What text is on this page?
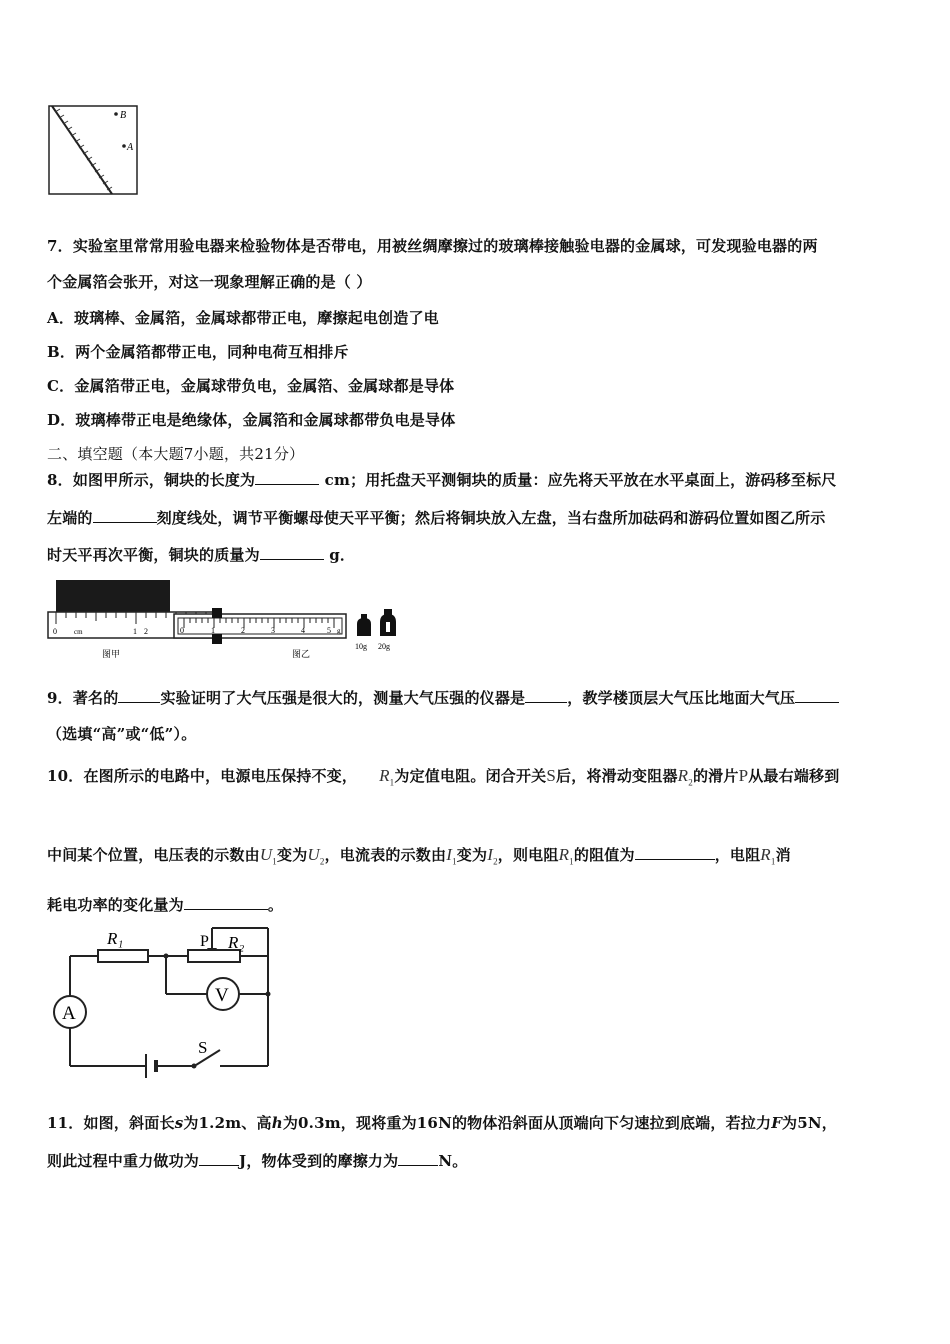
B
A
7．实验室里常常用验电器来检验物体是否带电，用被丝绸摩擦过的玻璃棒接触验电器的金属球，可发现验电器的两
个金属箔会张开，对这一现象理解正确的是（ ）
A．玻璃棒、金属箔，金属球都带正电，摩擦起电创造了电
B．两个金属箔都带正电，同种电荷互相排斥
C．金属箔带正电，金属球带负电，金属箔、金属球都是导体
D．玻璃棒带正电是绝缘体，金属箔和金属球都带负电是导体
二、填空题（本大题7小题，共21分）
8．如图甲所示，铜块的长度为	cm；用托盘天平测铜块的质量：应先将天平放在水平桌面上，游码移至标尺
左端的	刻度线处，调节平衡螺母使天平平衡；然后将铜块放入左盘，当右盘所加砝码和游码位置如图乙所示
时天平再次平衡，铜块的质量为	g．
0 cm	1 2
图甲
0	1	2	3	4	5 g
图乙
10g 20g
9．著名的	实验证明了大气压强是很大的，测量大气压强的仪器是	，教学楼顶层大气压比地面大气压
（选填“高”或“低”）。
10．在图所示的电路中，电源电压保持不变， $R_1$为定值电阻。闭合开关S后，将滑动变阻器$R_2$的滑片P从最右端移到
中间某个位置，电压表的示数由$U_1$变为$U_2$，电流表的示数由$I_1$变为$I_2$，则电阻$R_1$的阻值为	，电阻$R_1$消
耗电功率的变化量为	。
V
A
S
R₁	P R₂
11．如图，斜面长s为1.2m、高h为0.3m，现将重为16N的物体沿斜面从顶端向下匀速拉到底端，若拉力F为5N，
则此过程中重力做功为	J，物体受到的摩擦力为	N。
